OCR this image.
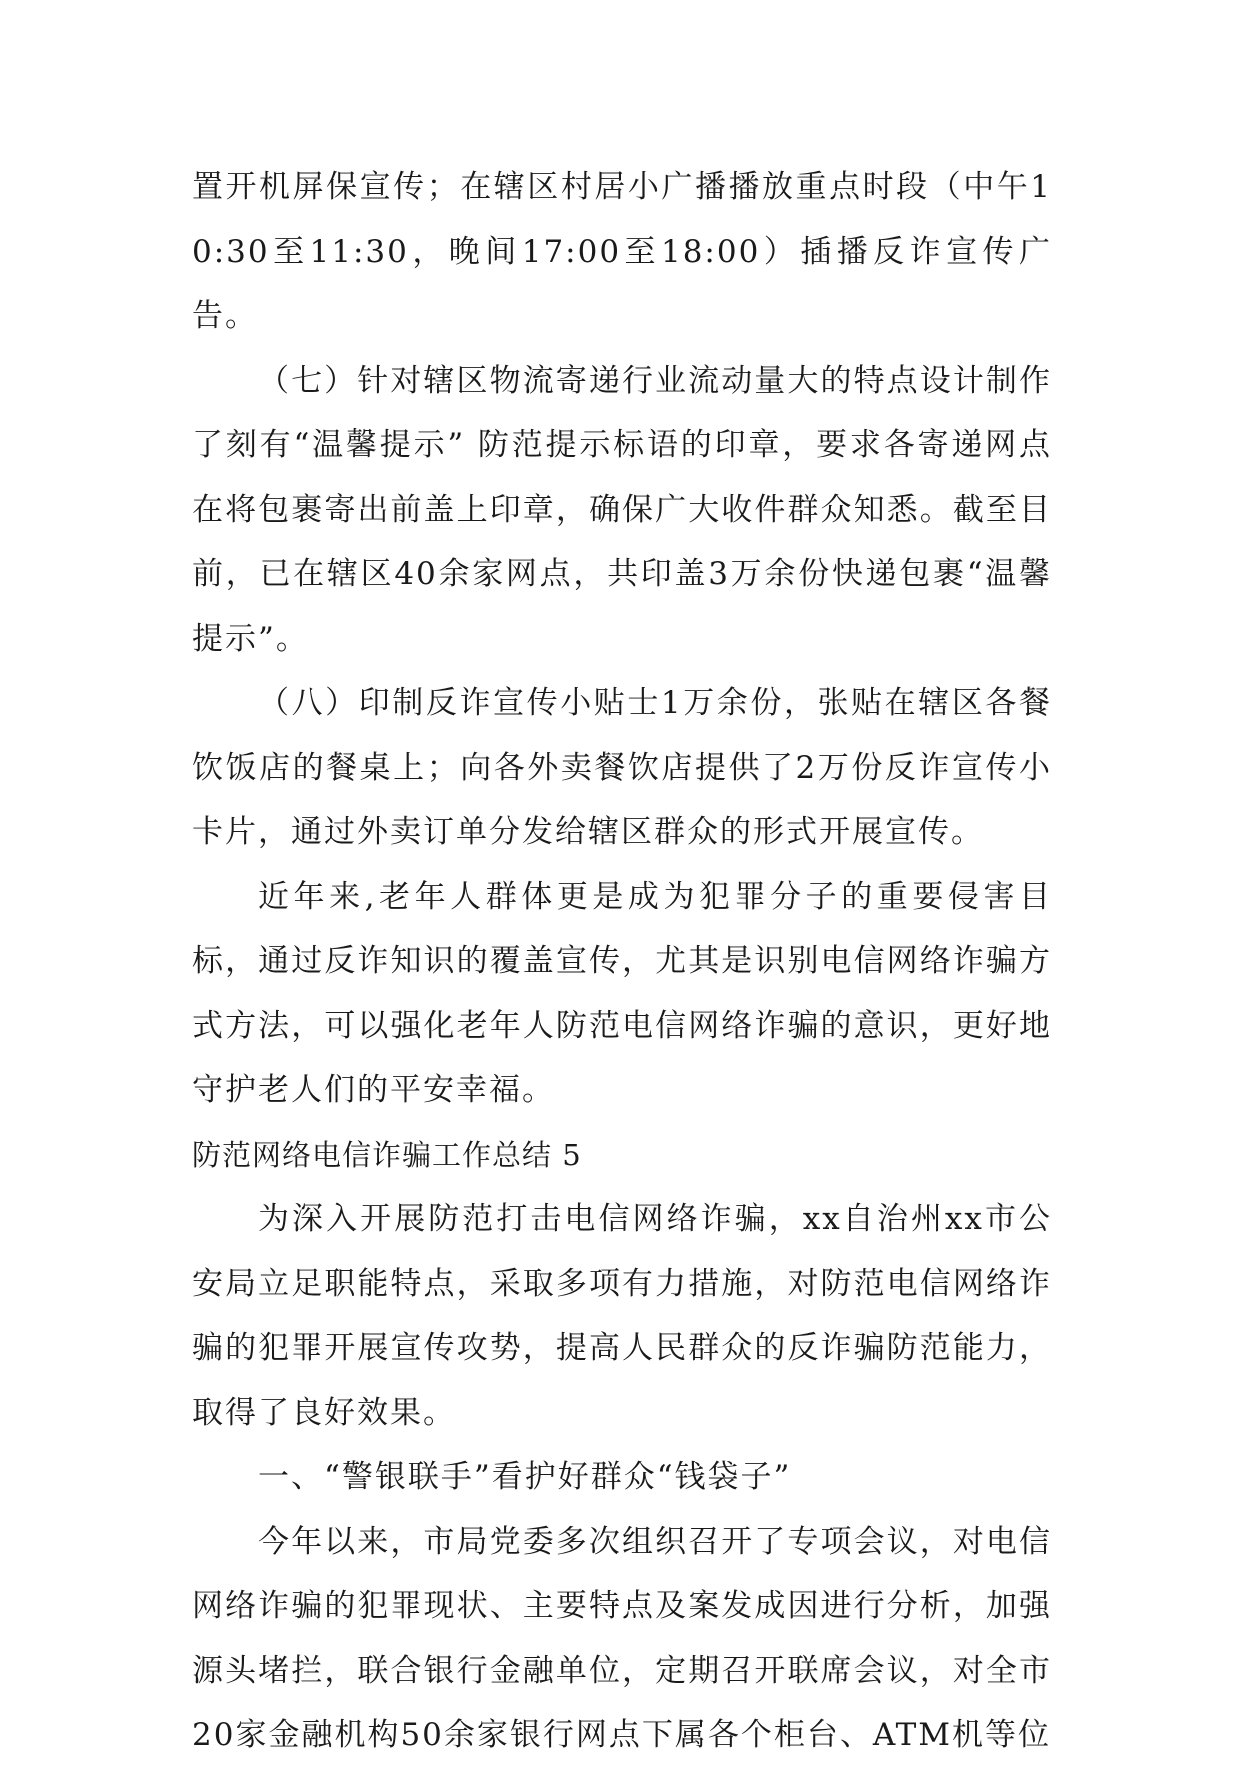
置开机屏保宣传；在辖区村居小广播播放重点时段（中午10:30至11:30，晚间17:00至18:00）插播反诈宣传广告。

（七）针对辖区物流寄递行业流动量大的特点设计制作了刻有“温馨提示” 防范提示标语的印章，要求各寄递网点在将包裹寄出前盖上印章，确保广大收件群众知悉。截至目前，已在辖区40余家网点，共印盖3万余份快递包裹“温馨提示”。

（八）印制反诈宣传小贴士1万余份，张贴在辖区各餐饮饭店的餐桌上；向各外卖餐饮店提供了2万份反诈宣传小卡片，通过外卖订单分发给辖区群众的形式开展宣传。

近年来,老年人群体更是成为犯罪分子的重要侵害目标，通过反诈知识的覆盖宣传，尤其是识别电信网络诈骗方式方法，可以强化老年人防范电信网络诈骗的意识，更好地守护老人们的平安幸福。

防范网络电信诈骗工作总结 5

为深入开展防范打击电信网络诈骗，xx自治州xx市公安局立足职能特点，采取多项有力措施，对防范电信网络诈骗的犯罪开展宣传攻势，提高人民群众的反诈骗防范能力，取得了良好效果。

一、“警银联手”看护好群众“钱袋子”

今年以来，市局党委多次组织召开了专项会议，对电信网络诈骗的犯罪现状、主要特点及案发成因进行分析，加强源头堵拦，联合银行金融单位，定期召开联席会议，对全市20家金融机构50余家银行网点下属各个柜台、ATM机等位
